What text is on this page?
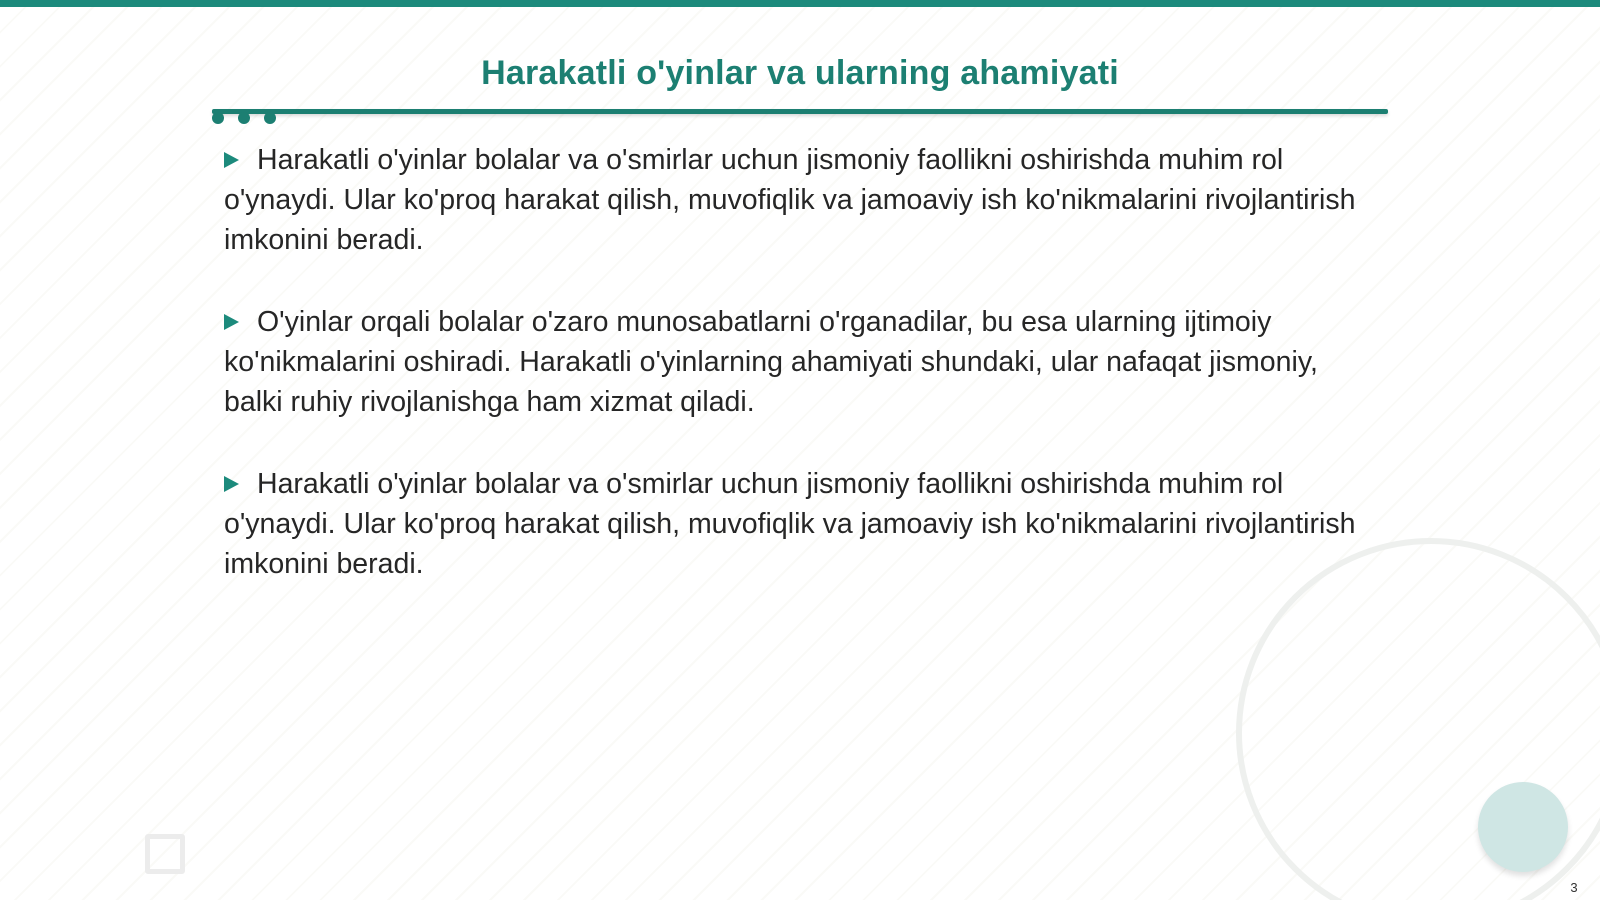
Harakatli o'yinlar va ularning ahamiyati

Harakatli o'yinlar bolalar va o'smirlar uchun jismoniy faollikni oshirishda muhim rol o'ynaydi. Ular ko'proq harakat qilish, muvofiqlik va jamoaviy ish ko'nikmalarini rivojlantirish imkonini beradi.

O'yinlar orqali bolalar o'zaro munosabatlarni o'rganadilar, bu esa ularning ijtimoiy ko'nikmalarini oshiradi. Harakatli o'yinlarning ahamiyati shundaki, ular nafaqat jismoniy, balki ruhiy rivojlanishga ham xizmat qiladi.

Harakatli o'yinlar bolalar va o'smirlar uchun jismoniy faollikni oshirishda muhim rol o'ynaydi. Ular ko'proq harakat qilish, muvofiqlik va jamoaviy ish ko'nikmalarini rivojlantirish imkonini beradi.

3
